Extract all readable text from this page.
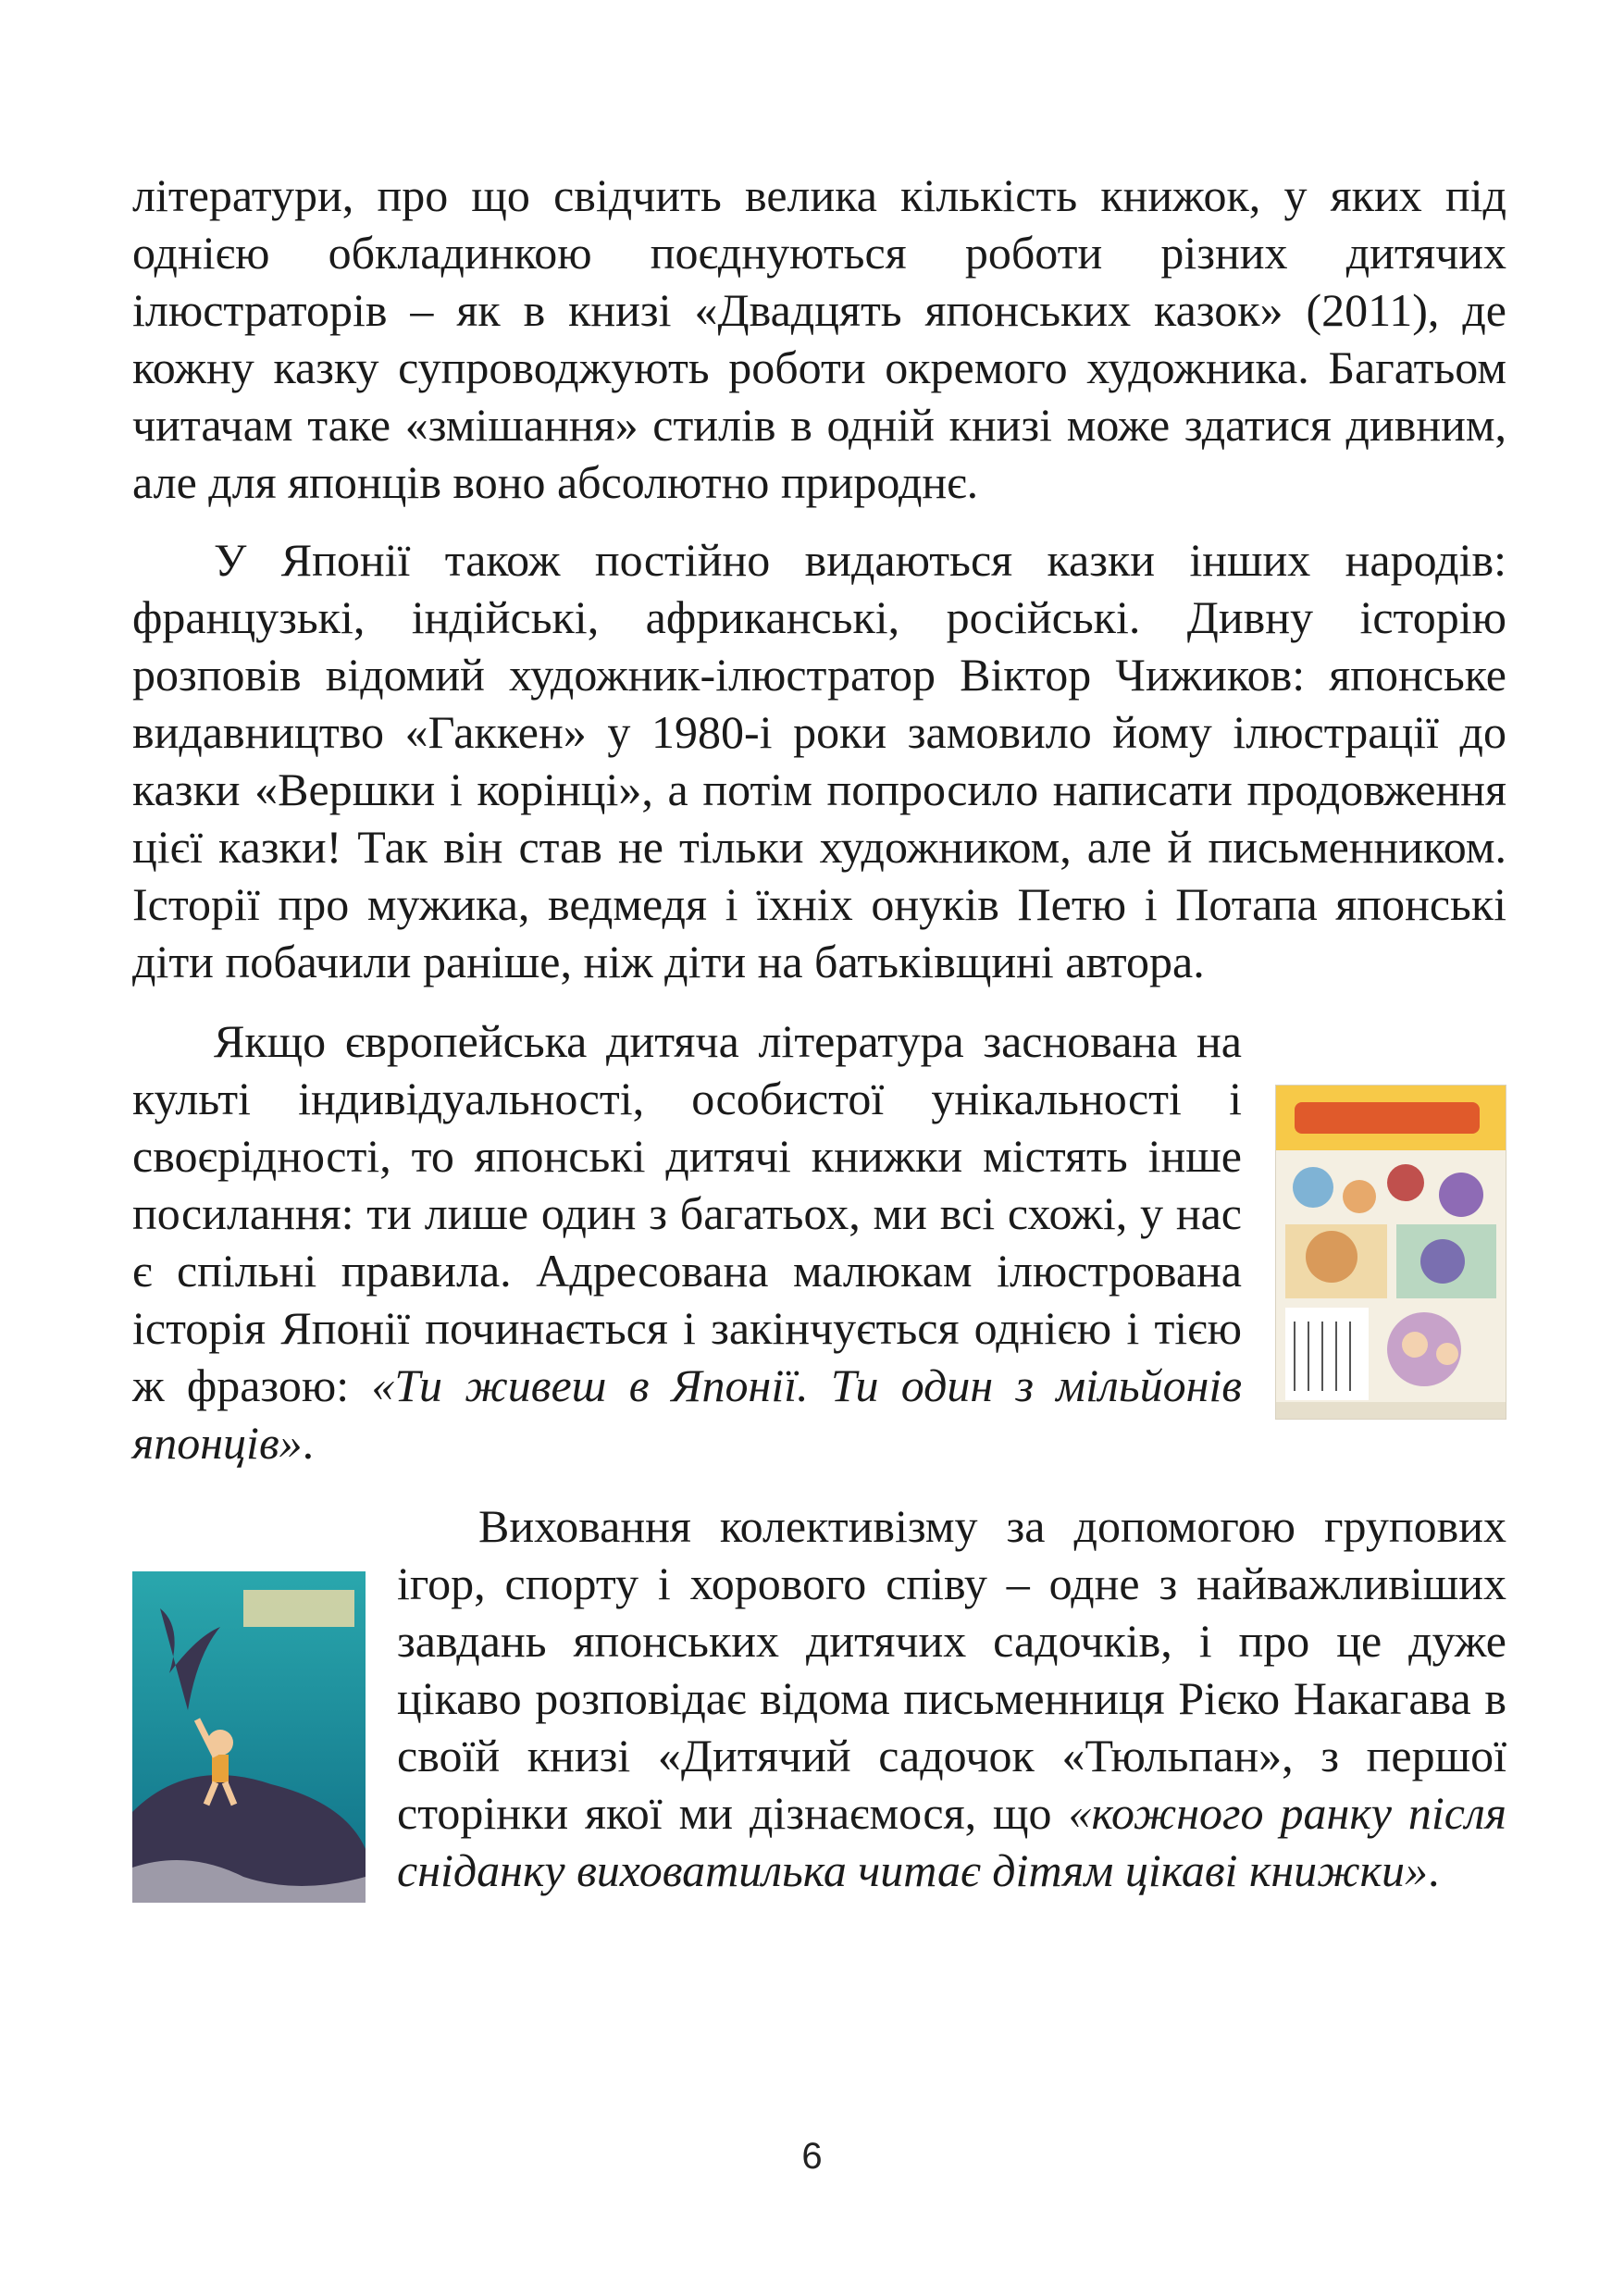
літератури, про що свідчить велика кількість книжок, у яких під однією обкладинкою поєднуються роботи різних дитячих ілюстраторів – як в книзі «Двадцять японських казок» (2011), де кожну казку супроводжують роботи окремого художника. Багатьом читачам таке «змішання» стилів в одній книзі може здатися дивним, але для японців воно абсолютно природнє.

У Японії також постійно видаються казки інших народів: французькі, індійські, африканські, російські. Дивну історію розповів відомий художник-ілюстратор Віктор Чижиков: японське видавництво «Гаккен» у 1980-і роки замовило йому ілюстрації до казки «Вершки і корінці», а потім попросило написати продовження цієї казки! Так він став не тільки художником, але й письменником. Історії про мужика, ведмедя і їхніх онуків Петю і Потапа японські діти побачили раніше, ніж діти на батьківщині автора.

Якщо європейська дитяча література заснована на культі індивідуальності, особистої унікальності і своєрідності, то японські дитячі книжки містять інше посилання: ти лише один з багатьох, ми всі схожі, у нас є спільні правила. Адресована малюкам ілюстрована історія Японії починається і закінчується однією і тією ж фразою: «Ти живеш в Японії. Ти один з мільйонів японців».

Виховання колективізму за допомогою групових ігор, спорту і хорового співу – одне з найважливіших завдань японських дитячих садочків, і про це дуже цікаво розповідає відома письменниця Рієко Накагава в своїй книзі «Дитячий садочок «Тюльпан», з першої сторінки якої ми дізнаємося, що «кожного ранку після сніданку виховатилька читає дітям цікаві книжки».

6
